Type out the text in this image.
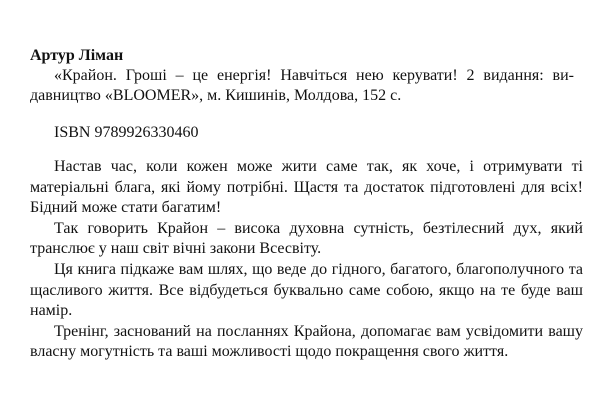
Артур Ліман
«Крайон. Гроші – це енергія! Навчіться нею керувати! 2 видання: видавництво «BLOOMER», м. Кишинів, Молдова, 152 с.
ISBN 9789926330460

Настав час, коли кожен може жити саме так, як хоче, і отримувати ті матеріальні блага, які йому потрібні. Щастя та достаток підготовлені для всіх! Бідний може стати багатим!

Так говорить Крайон – висока духовна сутність, безтілесний дух, який транслює у наш світ вічні закони Всесвіту.

Ця книга підкаже вам шлях, що веде до гідного, багатого, благополучного та щасливого життя. Все відбудеться буквально саме собою, якщо на те буде ваш намір.

Тренінг, заснований на посланнях Крайона, допомагає вам усвідомити вашу власну могутність та ваші можливості щодо покращення свого життя.
